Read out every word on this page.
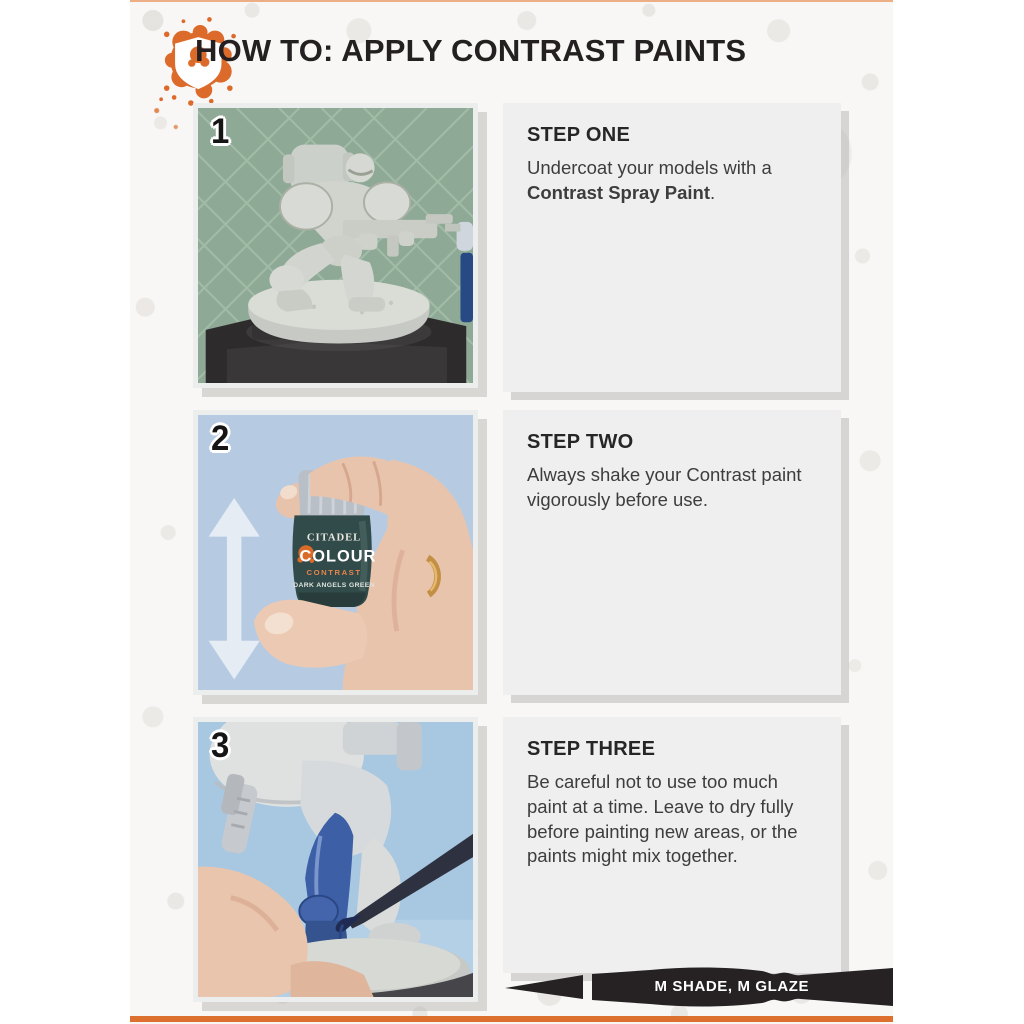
HOW TO: APPLY CONTRAST PAINTS
1	STEP ONE

Undercoat your models with a Contrast Spray Paint.

CITADEL
COLOUR
CONTRAST
DARK ANGELS GREEN
2	STEP TWO

Always shake your Contrast paint vigorously before use.

3	STEP THREE

Be careful not to use too much paint at a time. Leave to dry fully before painting new areas, or the paints might mix together.

M SHADE, M GLAZE
